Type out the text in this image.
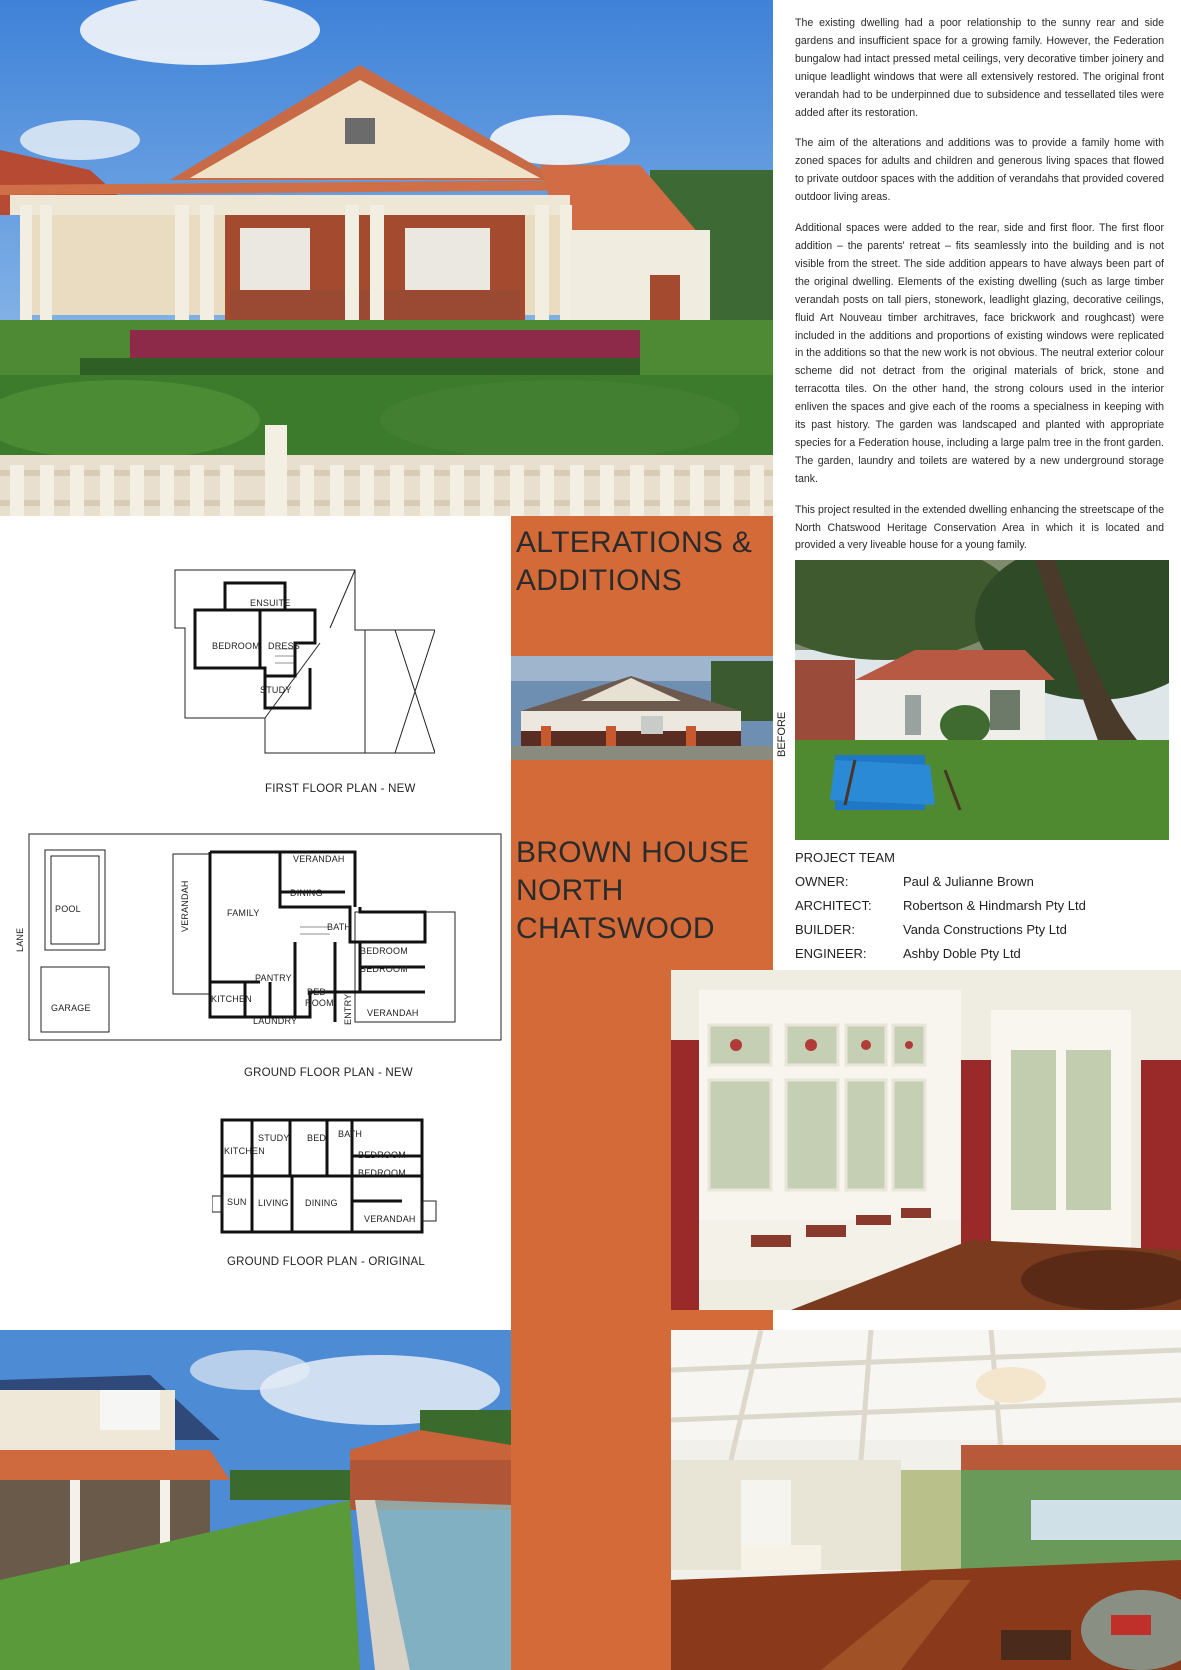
The existing dwelling had a poor relationship to the sunny rear and side gardens and insufficient space for a growing family. However, the Federation bungalow had intact pressed metal ceilings, very decorative timber joinery and unique leadlight windows that were all extensively restored. The original front verandah had to be underpinned due to subsidence and tessellated tiles were added after its restoration.

The aim of the alterations and additions was to provide a family home with zoned spaces for adults and children and generous living spaces that flowed to private outdoor spaces with the addition of verandahs that provided covered outdoor living areas.

Additional spaces were added to the rear, side and first floor. The first floor addition – the parents' retreat – fits seamlessly into the building and is not visible from the street. The side addition appears to have always been part of the original dwelling. Elements of the existing dwelling (such as large timber verandah posts on tall piers, stonework, leadlight glazing, decorative ceilings, fluid Art Nouveau timber architraves, face brickwork and roughcast) were included in the additions and proportions of existing windows were replicated in the additions so that the new work is not obvious. The neutral exterior colour scheme did not detract from the original materials of brick, stone and terracotta tiles. On the other hand, the strong colours used in the interior enliven the spaces and give each of the rooms a specialness in keeping with its past history. The garden was landscaped and planted with appropriate species for a Federation house, including a large palm tree in the front garden. The garden, laundry and toilets are watered by a new underground storage tank.

This project resulted in the extended dwelling enhancing the streetscape of the North Chatswood Heritage Conservation Area in which it is located and provided a very liveable house for a young family.

ALTERATIONS &
ADDITIONS
BROWN HOUSE
NORTH
CHATSWOOD
BEFORE
PROJECT TEAM
OWNER:	Paul & Julianne Brown
ARCHITECT:	Robertson & Hindmarsh Pty Ltd
BUILDER:	Vanda Constructions Pty Ltd
ENGINEER:	Ashby Doble Pty Ltd
ENSUITE
BEDROOM DRESS
STUDY
FIRST FLOOR PLAN - NEW
VERANDAH
DINING
FAMILY
VERANDAH
POOL
LANE
BATH
BEDROOM
BEDROOM
PANTRY
BED
ROOM
KITCHEN
LAUNDRY	ENTRY VERANDAH
GARAGE
GROUND FLOOR PLAN - NEW
KITCHEN
STUDY BED BATH
BEDROOM
BEDROOM
SUN LIVING DINING
VERANDAH
GROUND FLOOR PLAN - ORIGINAL
